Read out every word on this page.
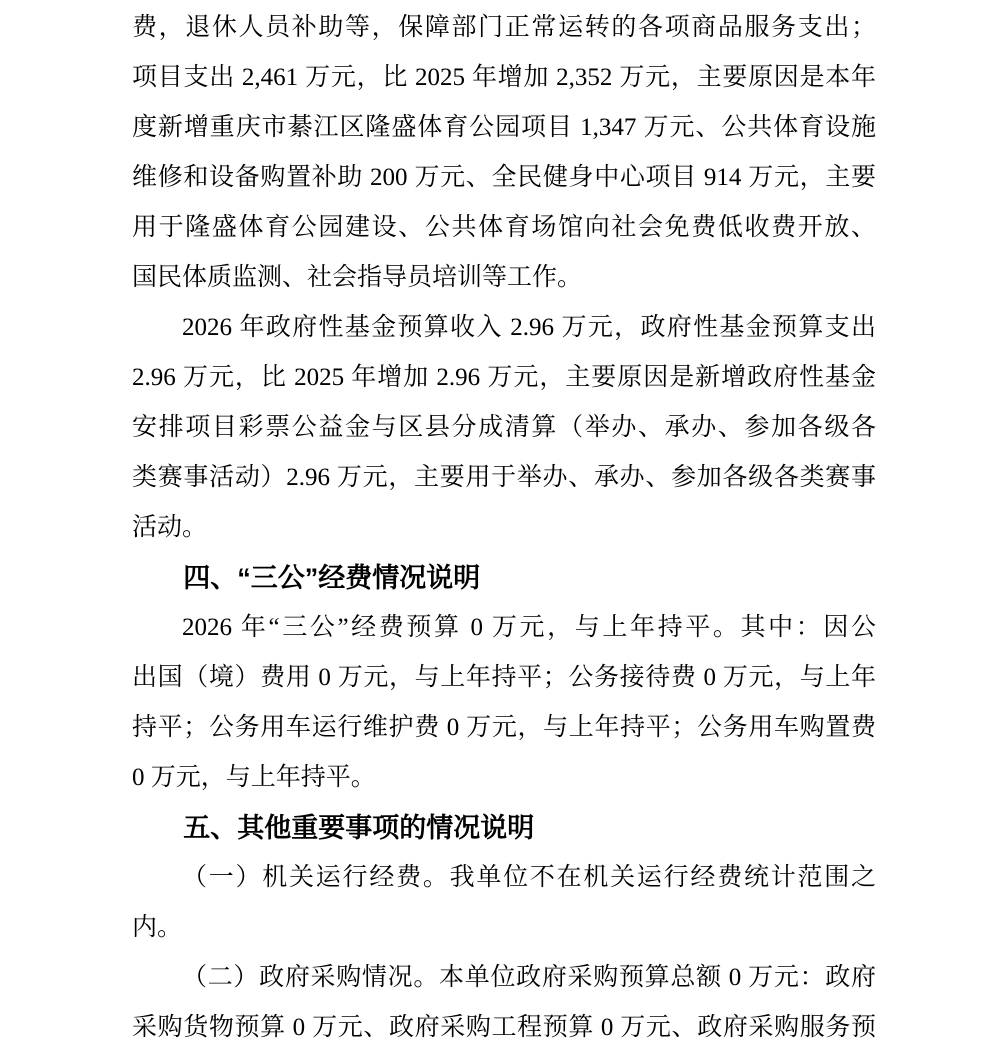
费，退休人员补助等，保障部门正常运转的各项商品服务支出；
项目支出 2,461 万元，比 2025 年增加 2,352 万元，主要原因是本年
度新增重庆市綦江区隆盛体育公园项目 1,347 万元、公共体育设施
维修和设备购置补助 200 万元、全民健身中心项目 914 万元，主要
用于隆盛体育公园建设、公共体育场馆向社会免费低收费开放、
国民体质监测、社会指导员培训等工作。
2026 年政府性基金预算收入 2.96 万元，政府性基金预算支出
2.96 万元，比 2025 年增加 2.96 万元，主要原因是新增政府性基金
安排项目彩票公益金与区县分成清算（举办、承办、参加各级各
类赛事活动）2.96 万元，主要用于举办、承办、参加各级各类赛事
活动。
四、“三公”经费情况说明
2026 年“三公”经费预算 0 万元，与上年持平。其中：因公
出国（境）费用 0 万元，与上年持平；公务接待费 0 万元，与上年
持平；公务用车运行维护费 0 万元，与上年持平；公务用车购置费
0 万元，与上年持平。
五、其他重要事项的情况说明
（一）机关运行经费。我单位不在机关运行经费统计范围之
内。
（二）政府采购情况。本单位政府采购预算总额 0 万元：政府
采购货物预算 0 万元、政府采购工程预算 0 万元、政府采购服务预
